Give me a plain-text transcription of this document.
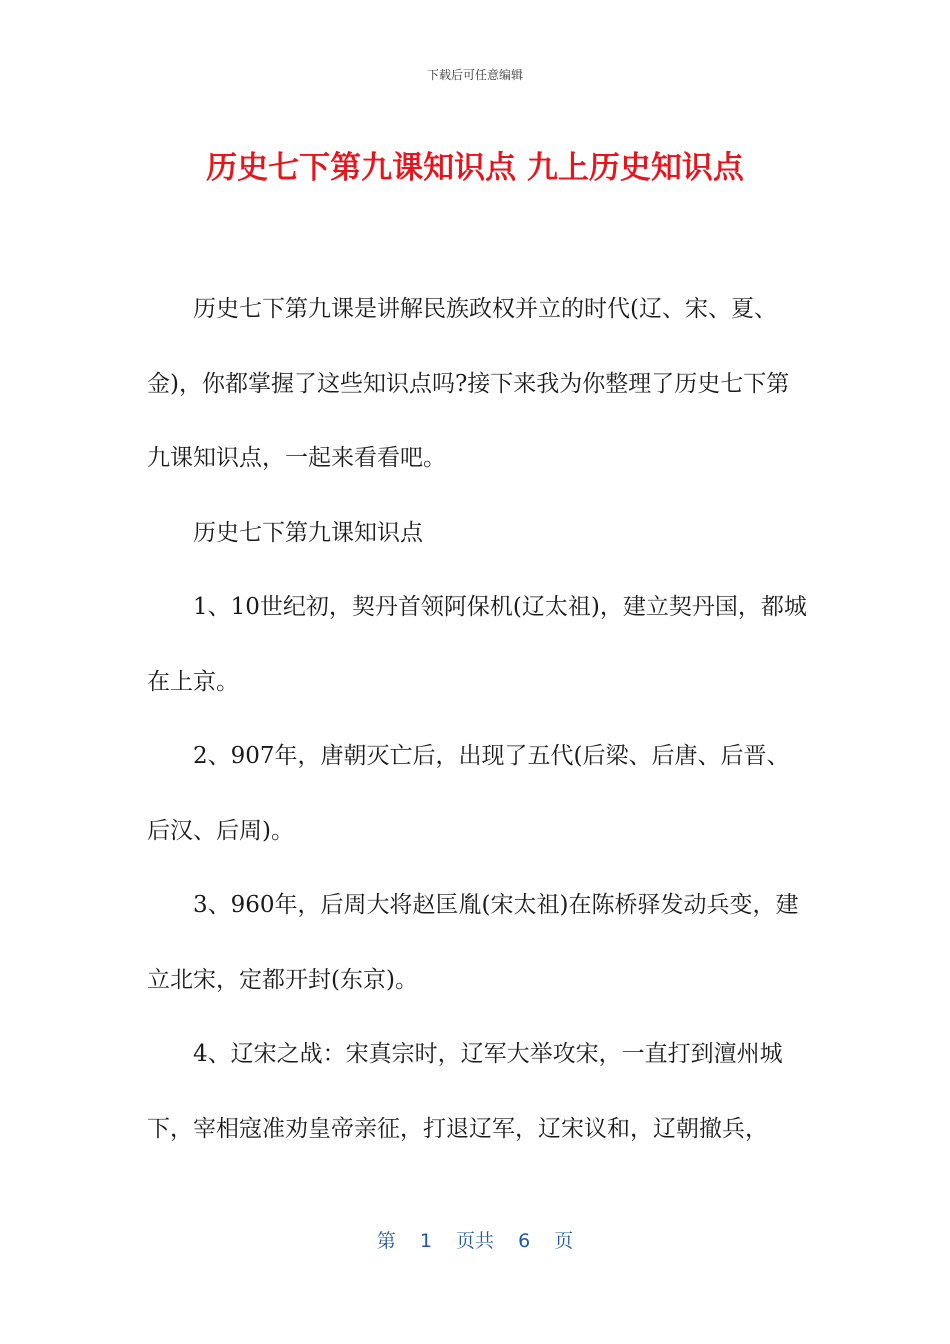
下载后可任意编辑
历史七下第九课知识点 九上历史知识点

历史七下第九课是讲解民族政权并立的时代(辽、宋、夏、金)，你都掌握了这些知识点吗?接下来我为你整理了历史七下第九课知识点，一起来看看吧。

历史七下第九课知识点

1、10世纪初，契丹首领阿保机(辽太祖)，建立契丹国，都城在上京。

2、907年，唐朝灭亡后，出现了五代(后梁、后唐、后晋、后汉、后周)。

3、960年，后周大将赵匡胤(宋太祖)在陈桥驿发动兵变，建立北宋，定都开封(东京)。

4、辽宋之战：宋真宗时，辽军大举攻宋，一直打到澶州城下，宰相寇准劝皇帝亲征，打退辽军，辽宋议和，辽朝撤兵，

第  1  页共  6  页
